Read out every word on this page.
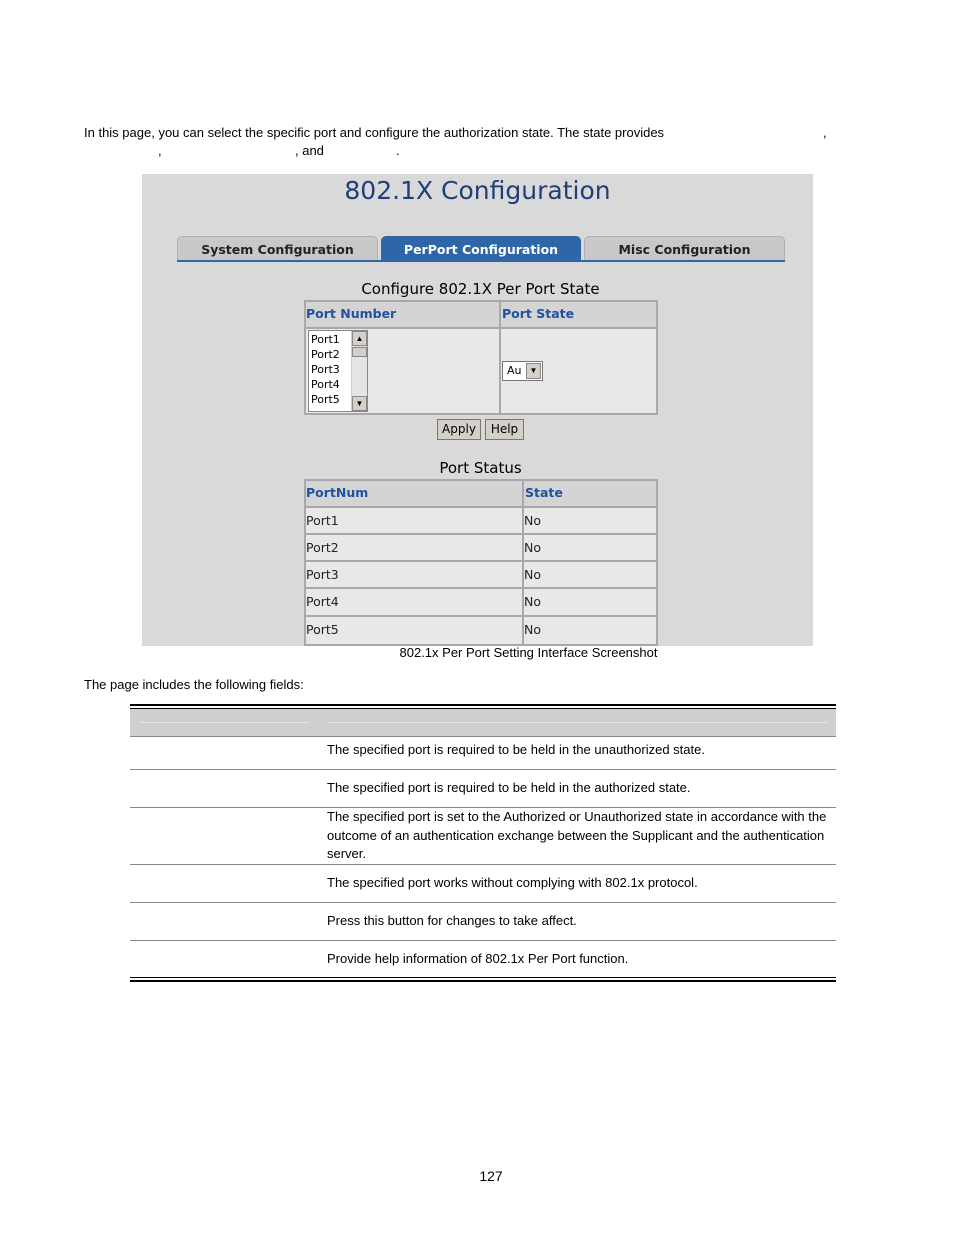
In this page, you can select the specific port and configure the authorization state. The state provides	,
,	, and	.
802.1X Configuration
System Configuration	PerPort Configuration	Misc Configuration
Configure 802.1X Per Port State
Port Number	Port State
Port1
Port2
Port3
Port4
Port5
▲
▼
Au	▼
Apply	Help
Port Status
PortNum	State
Port1	No
Port2	No
Port3	No
Port4	No
Port5	No
802.1x Per Port Setting Interface Screenshot
The page includes the following fields:
The specified port is required to be held in the unauthorized state.
The specified port is required to be held in the authorized state.
The specified port is set to the Authorized or Unauthorized state in accordance with the outcome of an authentication exchange between the Supplicant and the authentication server.
The specified port works without complying with 802.1x protocol.
Press this button for changes to take affect.
Provide help information of 802.1x Per Port function.
127
